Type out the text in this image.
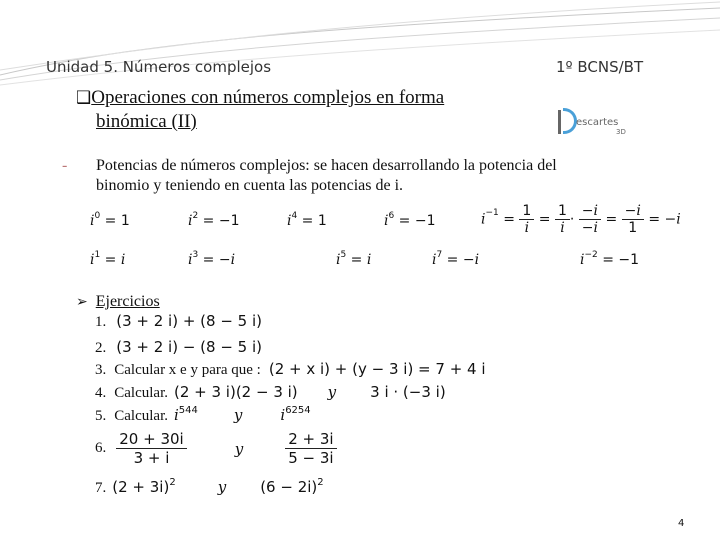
Unidad 5. Números complejos	1º BCNS/BT
❑Operaciones con números complejos en forma
binómica (II)	escartes
3D
- Potencias de números complejos: se hacen desarrollando la potencia del
binomio y teniendo en cuenta las potencias de i.
$i^0 = 1$	$i^2 = -1$	$i^4 = 1$	$i^6 = -1$	$i^{-1} = \frac{1}{i} = \frac{1}{i} \cdot \frac{-i}{-i} = \frac{-i}{1} = -i$
$i^1 = i$	$i^3 = -i$	$i^5 = i$	$i^7 = -i$	$i^{-2} = -1$
➢ Ejercicios
1. (3 + 2 i) + (8 − 5 i)
2. (3 + 2 i) − (8 − 5 i)
3. Calcular x e y para que : (2 + x i) + (y − 3 i) = 7 + 4 i
4. Calcular. (2 + 3 i)(2 − 3 i) y 3 i · (−3 i)
5. Calcular. $i^{544}$ y	$i^{6254}$
6. $\frac{20 + 30i}{3 + i}$	y	$\frac{2 + 3i}{5 - 3i}$
7. $(2 + 3i)^2$	y $(6 - 2i)^2$
4
